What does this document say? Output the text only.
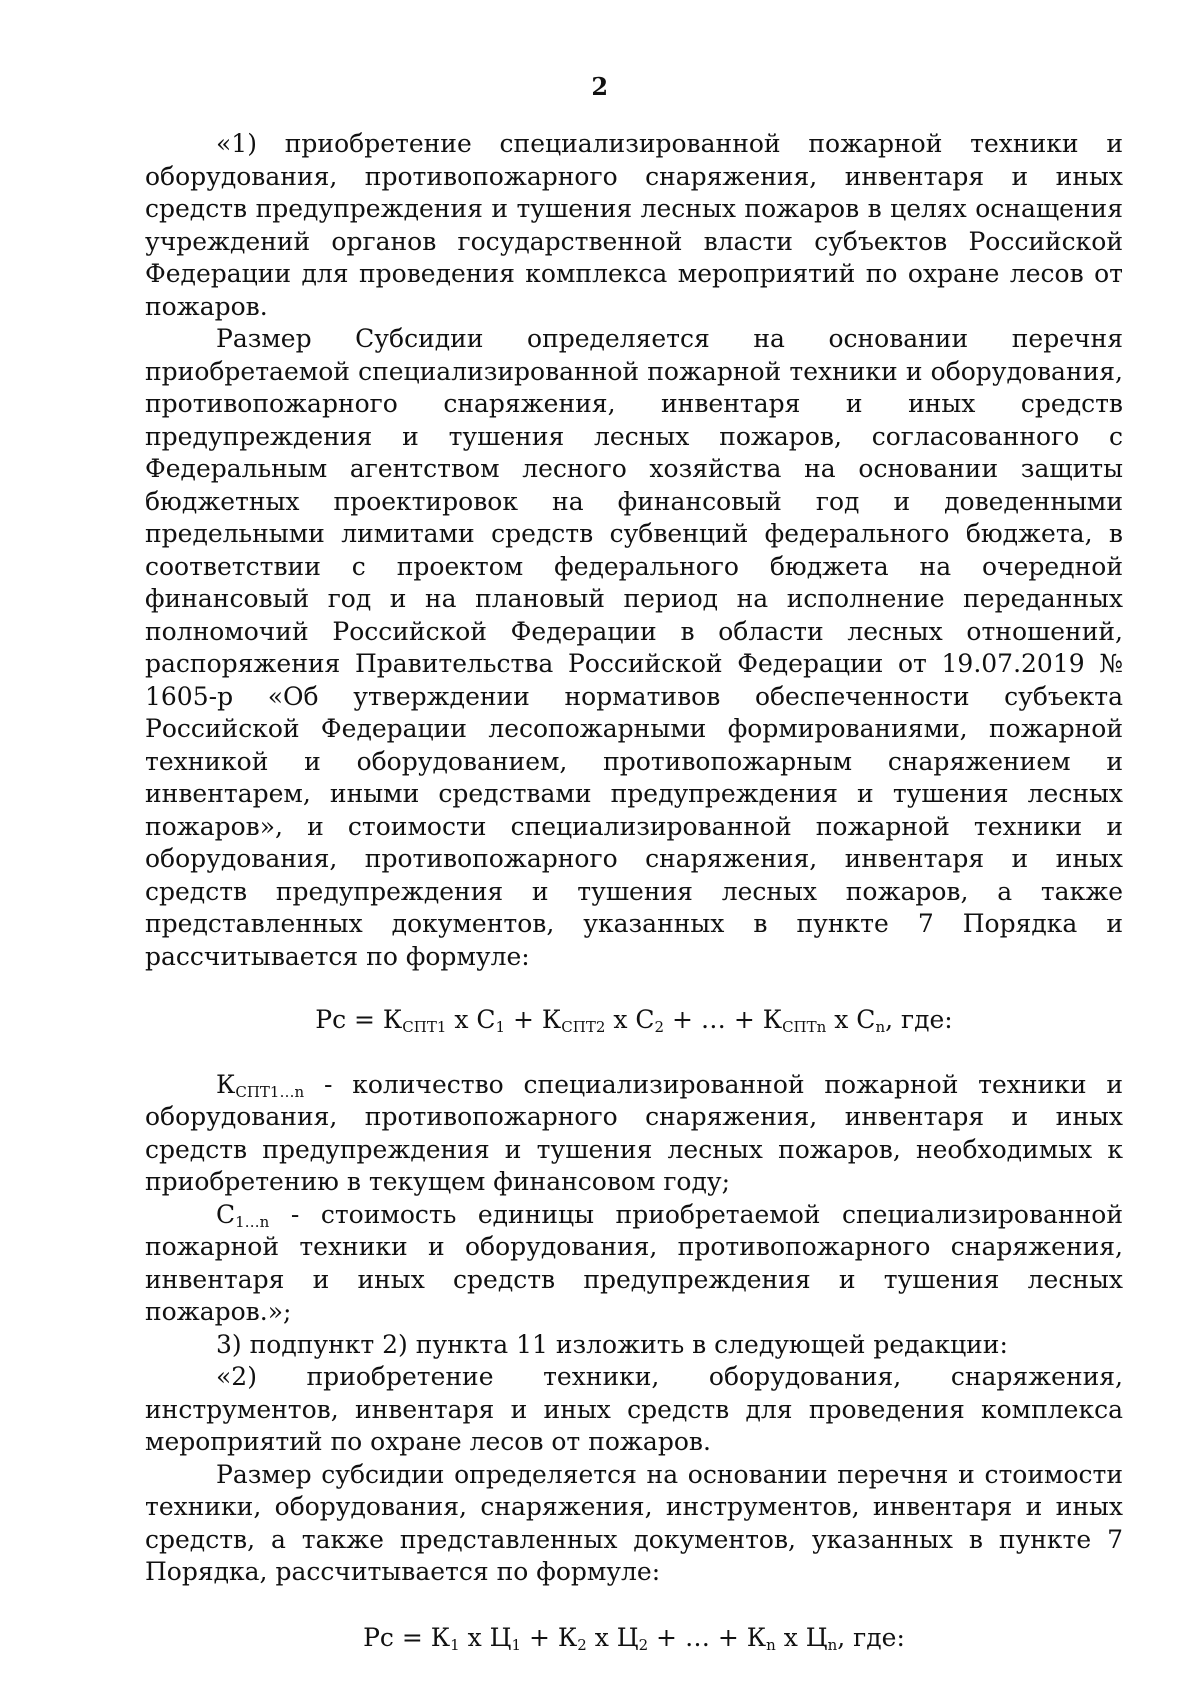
2

«1) приобретение специализированной пожарной техники и оборудования, противопожарного снаряжения, инвентаря и иных средств предупреждения и тушения лесных пожаров в целях оснащения учреждений органов государственной власти субъектов Российской Федерации для проведения комплекса мероприятий по охране лесов от пожаров.

Размер Субсидии определяется на основании перечня приобретаемой специализированной пожарной техники и оборудования, противопожарного снаряжения, инвентаря и иных средств предупреждения и тушения лесных пожаров, согласованного с Федеральным агентством лесного хозяйства на основании защиты бюджетных проектировок на финансовый год и доведенными предельными лимитами средств субвенций федерального бюджета, в соответствии с проектом федерального бюджета на очередной финансовый год и на плановый период на исполнение переданных полномочий Российской Федерации в области лесных отношений, распоряжения Правительства Российской Федерации от 19.07.2019 № 1605-р «Об утверждении нормативов обеспеченности субъекта Российской Федерации лесопожарными формированиями, пожарной техникой и оборудованием, противопожарным снаряжением и инвентарем, иными средствами предупреждения и тушения лесных пожаров», и стоимости специализированной пожарной техники и оборудования, противопожарного снаряжения, инвентаря и иных средств предупреждения и тушения лесных пожаров, а также представленных документов, указанных в пункте 7 Порядка и рассчитывается по формуле:

Рс = $К_{СПТ1}$ х $С_1 + К_{СПТ2}$ х $С_2$ + … + $К_{СПТn}$ х $С_n$, где:

$К_{СПТ1\dots n}$ - количество специализированной пожарной техники и оборудования, противопожарного снаряжения, инвентаря и иных средств предупреждения и тушения лесных пожаров, необходимых к приобретению в текущем финансовом году;

$С_{1\dots n}$ - стоимость единицы приобретаемой специализированной пожарной техники и оборудования, противопожарного снаряжения, инвентаря и иных средств предупреждения и тушения лесных пожаров.»;

3) подпункт 2) пункта 11 изложить в следующей редакции:

«2) приобретение техники, оборудования, снаряжения, инструментов, инвентаря и иных средств для проведения комплекса мероприятий по охране лесов от пожаров.

Размер субсидии определяется на основании перечня и стоимости техники, оборудования, снаряжения, инструментов, инвентаря и иных средств, а также представленных документов, указанных в пункте 7 Порядка, рассчитывается по формуле:

Рс = $К_1$ х $Ц_1 + К_2$ х $Ц_2$ + … + $К_n$ х $Ц_n$, где:
